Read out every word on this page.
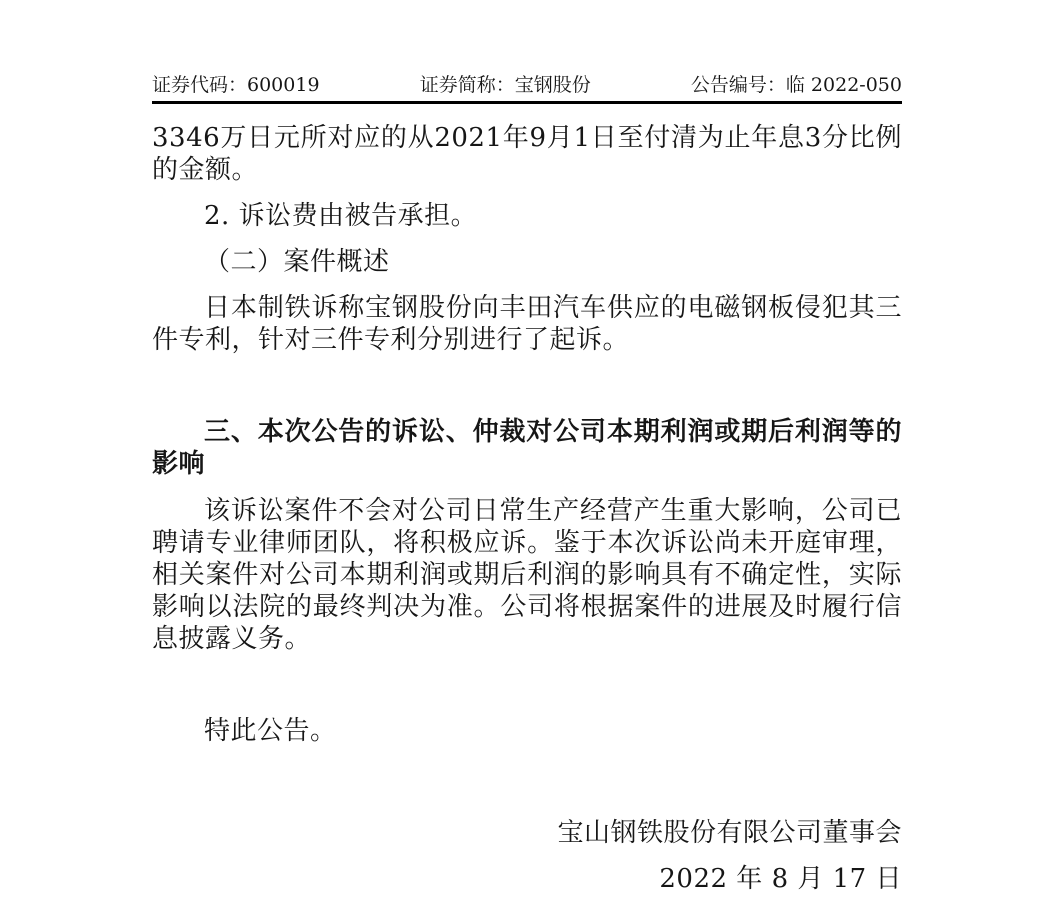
证券代码：600019	证券简称：宝钢股份	公告编号：临 2022-050

3346万日元所对应的从2021年9月1日至付清为止年息3分比例的金额。

2. 诉讼费由被告承担。

（二）案件概述

日本制铁诉称宝钢股份向丰田汽车供应的电磁钢板侵犯其三件专利，针对三件专利分别进行了起诉。

三、本次公告的诉讼、仲裁对公司本期利润或期后利润等的影响

该诉讼案件不会对公司日常生产经营产生重大影响，公司已聘请专业律师团队，将积极应诉。鉴于本次诉讼尚未开庭审理，相关案件对公司本期利润或期后利润的影响具有不确定性，实际影响以法院的最终判决为准。公司将根据案件的进展及时履行信息披露义务。

特此公告。

宝山钢铁股份有限公司董事会

2022 年 8 月 17 日
